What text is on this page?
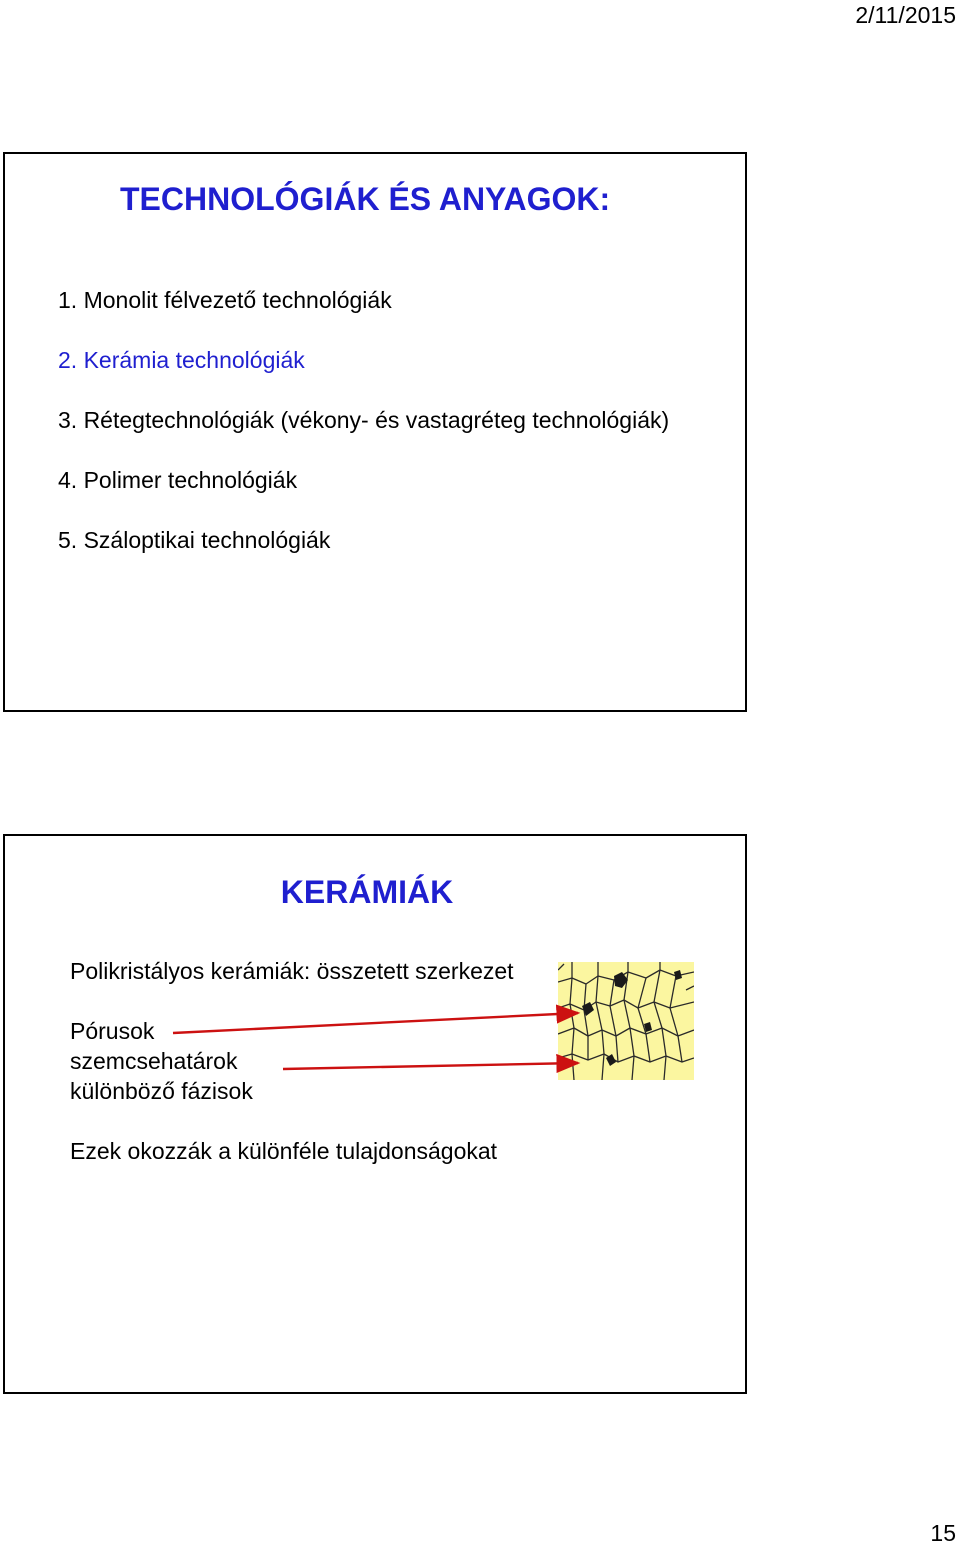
2/11/2015
TECHNOLÓGIÁK ÉS ANYAGOK:
1. Monolit félvezető technológiák
2. Kerámia technológiák
3. Rétegtechnológiák (vékony- és vastagréteg technológiák)
4. Polimer technológiák
5. Száloptikai technológiák
KERÁMIÁK
Polikristályos kerámiák: összetett szerkezet
Pórusok
szemcsehatárok
különböző fázisok
Ezek okozzák a különféle tulajdonságokat
15
